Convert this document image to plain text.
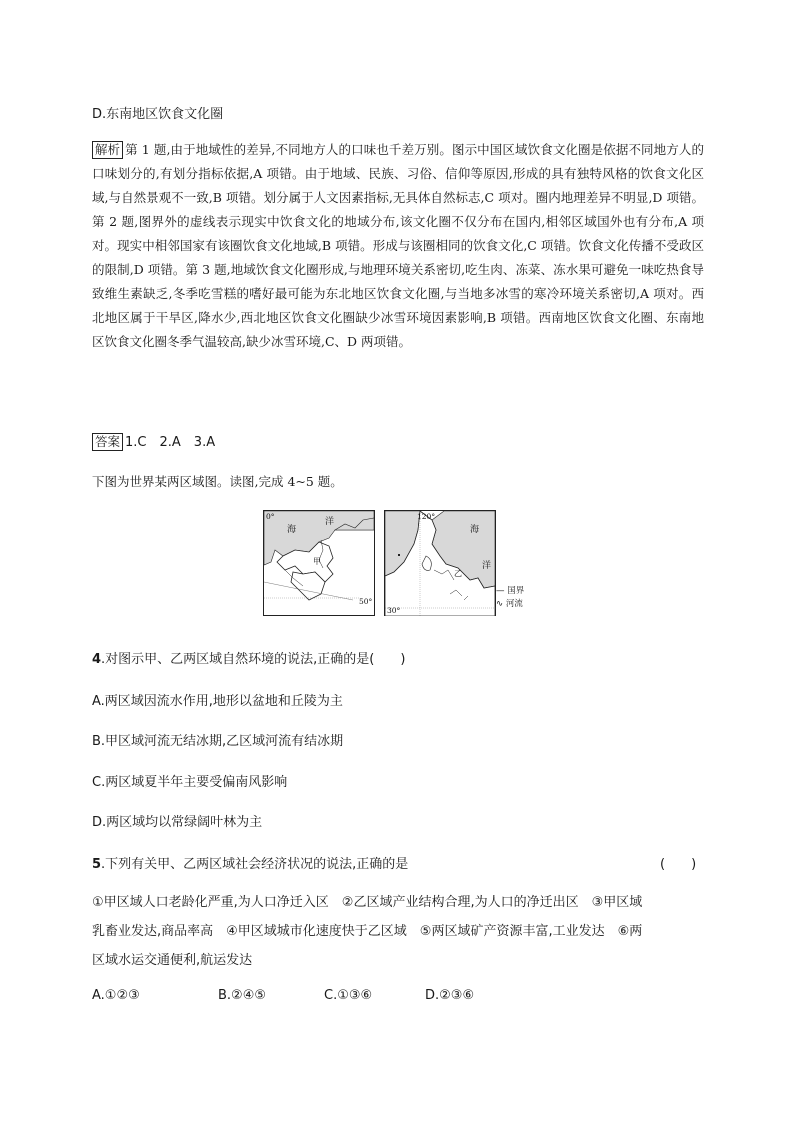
D.东南地区饮食文化圈
解析 第 1 题,由于地域性的差异,不同地方人的口味也千差万别。图示中国区域饮食文化圈是依据不同地方人的口味划分的,有划分指标依据,A 项错。由于地域、民族、习俗、信仰等原因,形成的具有独特风格的饮食文化区域,与自然景观不一致,B 项错。划分属于人文因素指标,无具体自然标志,C 项对。圈内地理差异不明显,D 项错。第 2 题,图界外的虚线表示现实中饮食文化的地域分布,该文化圈不仅分布在国内,相邻区域国外也有分布,A 项对。现实中相邻国家有该圈饮食文化地域,B 项错。形成与该圈相同的饮食文化,C 项错。饮食文化传播不受政区的限制,D 项错。第 3 题,地域饮食文化圈形成,与地理环境关系密切,吃生肉、冻菜、冻水果可避免一味吃热食导致维生素缺乏,冬季吃雪糕的嗜好最可能为东北地区饮食文化圈,与当地多冰雪的寒冷环境关系密切,A 项对。西北地区属于干旱区,降水少,西北地区饮食文化圈缺少冰雪环境因素影响,B 项错。西南地区饮食文化圈、东南地区饮食文化圈冬季气温较高,缺少冰雪环境,C、D 两项错。
答案 1.C　2.A　3.A
下图为世界某两区域图。读图,完成 4~5 题。
0°
海
洋
甲
50°
120°
海
洋
乙
30°
— 国界
∿ 河流
4.对图示甲、乙两区域自然环境的说法,正确的是(　　)
A.两区域因流水作用,地形以盆地和丘陵为主
B.甲区域河流无结冰期,乙区域河流有结冰期
C.两区域夏半年主要受偏南风影响
D.两区域均以常绿阔叶林为主
5.下列有关甲、乙两区域社会经济状况的说法,正确的是	(　　)
①甲区域人口老龄化严重,为人口净迁入区　②乙区域产业结构合理,为人口的净迁出区　③甲区域
乳畜业发达,商品率高　④甲区域城市化速度快于乙区域　⑤两区域矿产资源丰富,工业发达　⑥两
区域水运交通便利,航运发达
A.①②③	B.②④⑤	C.①③⑥	D.②③⑥
